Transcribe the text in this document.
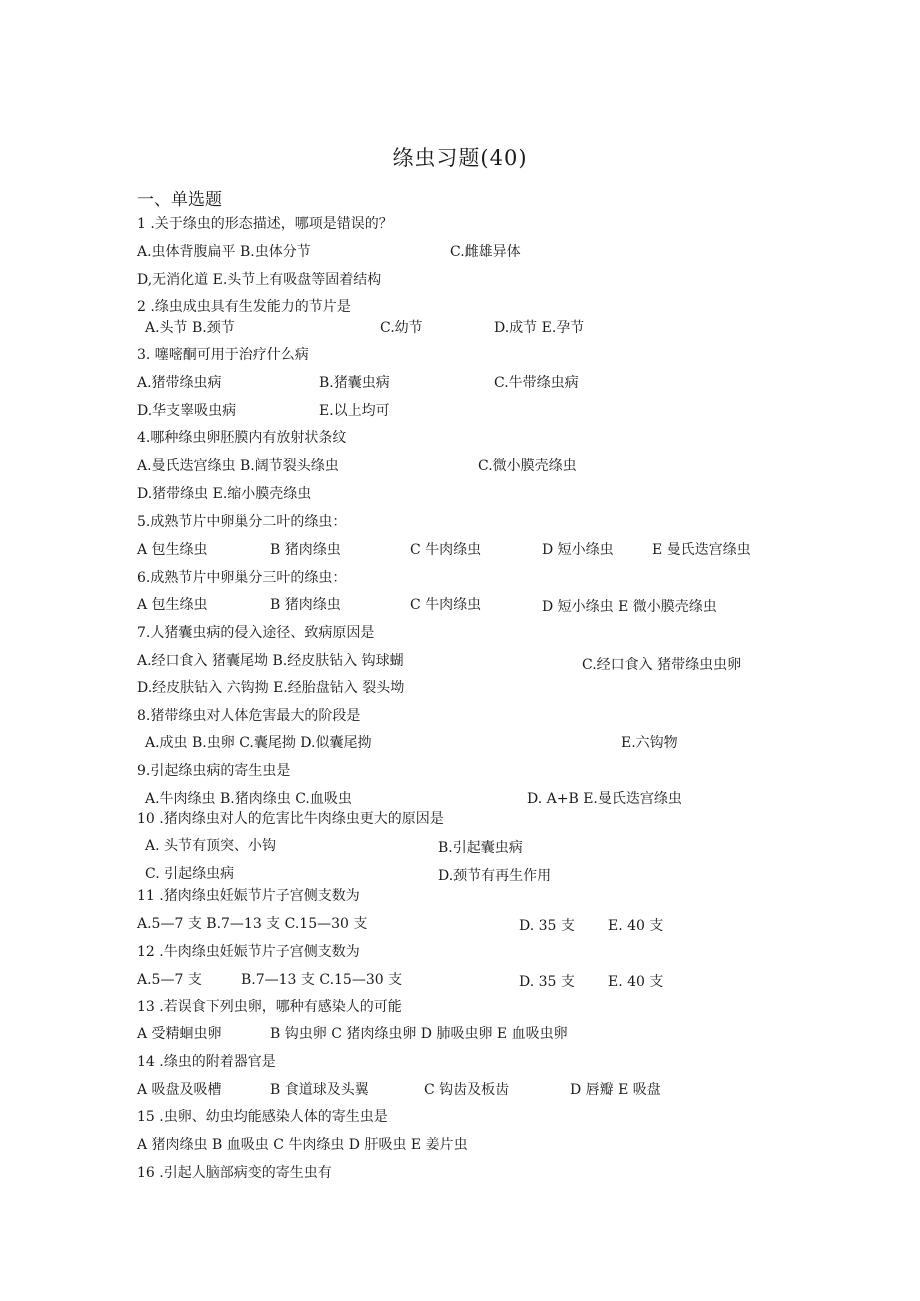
绦虫习题(40)
一、单选题
1 .关于绦虫的形态描述，哪项是错误的？
A.虫体背腹扁平 B.虫体分节	C.雌雄异体
D,无消化道 E.头节上有吸盘等固着结构
2 .绦虫成虫具有生发能力的节片是
A.头节 B.颈节	C.幼节	D.成节 E.孕节
3. 噻嘧酮可用于治疗什么病
A.猪带绦虫病	B.猪囊虫病	C.牛带绦虫病
D.华支睾吸虫病	E.以上均可
4.哪种绦虫卵胚膜内有放射状条纹
A.曼氏迭宫绦虫 B.阔节裂头绦虫	C.微小膜壳绦虫
D.猪带绦虫 E.缩小膜壳绦虫
5.成熟节片中卵巢分二叶的绦虫：
A 包生绦虫	B 猪肉绦虫	C 牛肉绦虫	D 短小绦虫	E 曼氏迭宫绦虫
6.成熟节片中卵巢分三叶的绦虫：
A 包生绦虫	B 猪肉绦虫	C 牛肉绦虫	D 短小绦虫 E 微小膜壳绦虫
7.人猪囊虫病的侵入途径、致病原因是
A.经口食入 猪囊尾坳 B.经皮肤钻入 钩球蝴	C.经口食入 猪带绦虫虫卵
D.经皮肤钻入 六钩拗 E.经胎盘钻入 裂头坳
8.猪带绦虫对人体危害最大的阶段是
A.成虫 B.虫卵 C.囊尾拗 D.似囊尾拗	E.六钩物
9.引起绦虫病的寄生虫是
A.牛肉绦虫 B.猪肉绦虫 C.血吸虫	D. A+B E.曼氏迭宫绦虫
10 .猪肉绦虫对人的危害比牛肉绦虫更大的原因是
A. 头节有顶突、小钩	B.引起囊虫病
C. 引起绦虫病	D.颈节有再生作用
11 .猪肉绦虫妊娠节片子宫侧支数为
A.5—7 支 B.7—13 支 C.15—30 支	D. 35 支 E. 40 支
12 .牛肉绦虫妊娠节片子宫侧支数为
A.5—7 支	B.7—13 支 C.15—30 支	D. 35 支 E. 40 支
13 .若误食下列虫卵，哪种有感染人的可能
A 受精蛔虫卵	B 钩虫卵 C 猪肉绦虫卵 D 肺吸虫卵 E 血吸虫卵
14 .绦虫的附着器官是
A 吸盘及吸槽	B 食道球及头翼	C 钩齿及板齿	D 唇瓣 E 吸盘
15 .虫卵、幼虫均能感染人体的寄生虫是
A 猪肉绦虫 B 血吸虫 C 牛肉绦虫 D 肝吸虫 E 姜片虫
16 .引起人脑部病变的寄生虫有
